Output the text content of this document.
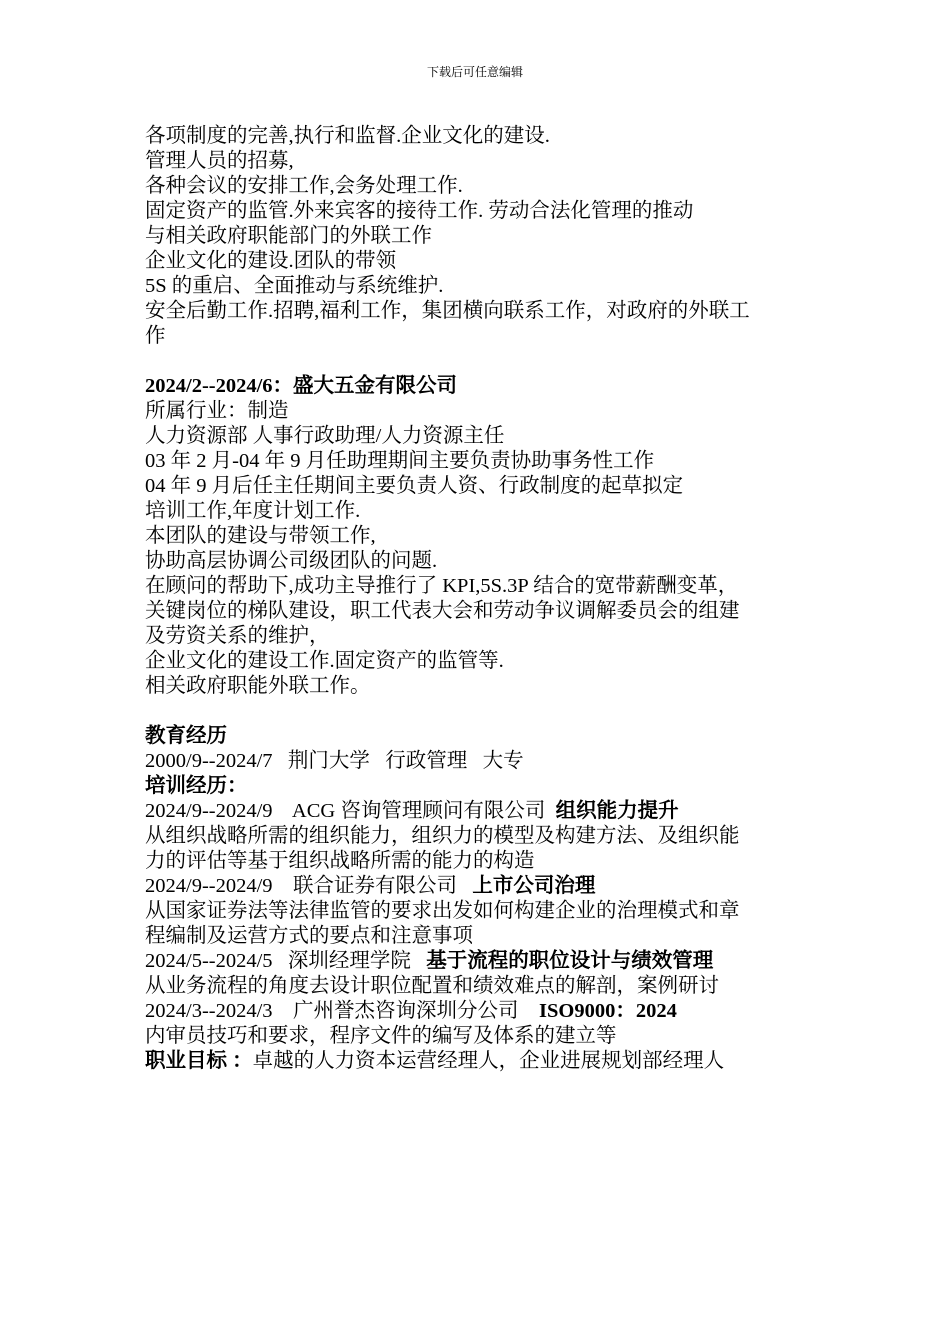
下载后可任意编辑
各项制度的完善,执行和监督.企业文化的建设.
管理人员的招募,
各种会议的安排工作,会务处理工作.
固定资产的监管.外来宾客的接待工作. 劳动合法化管理的推动
与相关政府职能部门的外联工作
企业文化的建设.团队的带领
5S 的重启、全面推动与系统维护.
安全后勤工作.招聘,福利工作，集团横向联系工作，对政府的外联工
作
2024/2--2024/6：盛大五金有限公司
所属行业：制造
人力资源部 人事行政助理/人力资源主任
03 年 2 月-04 年 9 月任助理期间主要负责协助事务性工作
04 年 9 月后任主任期间主要负责人资、行政制度的起草拟定
培训工作,年度计划工作.
本团队的建设与带领工作,
协助高层协调公司级团队的问题.
在顾问的帮助下,成功主导推行了 KPI,5S.3P 结合的宽带薪酬变革，
关键岗位的梯队建设，职工代表大会和劳动争议调解委员会的组建
及劳资关系的维护，
企业文化的建设工作.固定资产的监管等.
相关政府职能外联工作。
教育经历
2000/9--2024/7   荆门大学   行政管理   大专
培训经历：
2024/9--2024/9    ACG 咨询管理顾问有限公司  组织能力提升
从组织战略所需的组织能力，组织力的模型及构建方法、及组织能
力的评估等基于组织战略所需的能力的构造
2024/9--2024/9    联合证券有限公司   上市公司治理
从国家证券法等法律监管的要求出发如何构建企业的治理模式和章
程编制及运营方式的要点和注意事项
2024/5--2024/5   深圳经理学院   基于流程的职位设计与绩效管理
从业务流程的角度去设计职位配置和绩效难点的解剖，案例研讨
2024/3--2024/3    广州誉杰咨询深圳分公司    ISO9000：2024
内审员技巧和要求，程序文件的编写及体系的建立等
职业目标 ：卓越的人力资本运营经理人，企业进展规划部经理人
